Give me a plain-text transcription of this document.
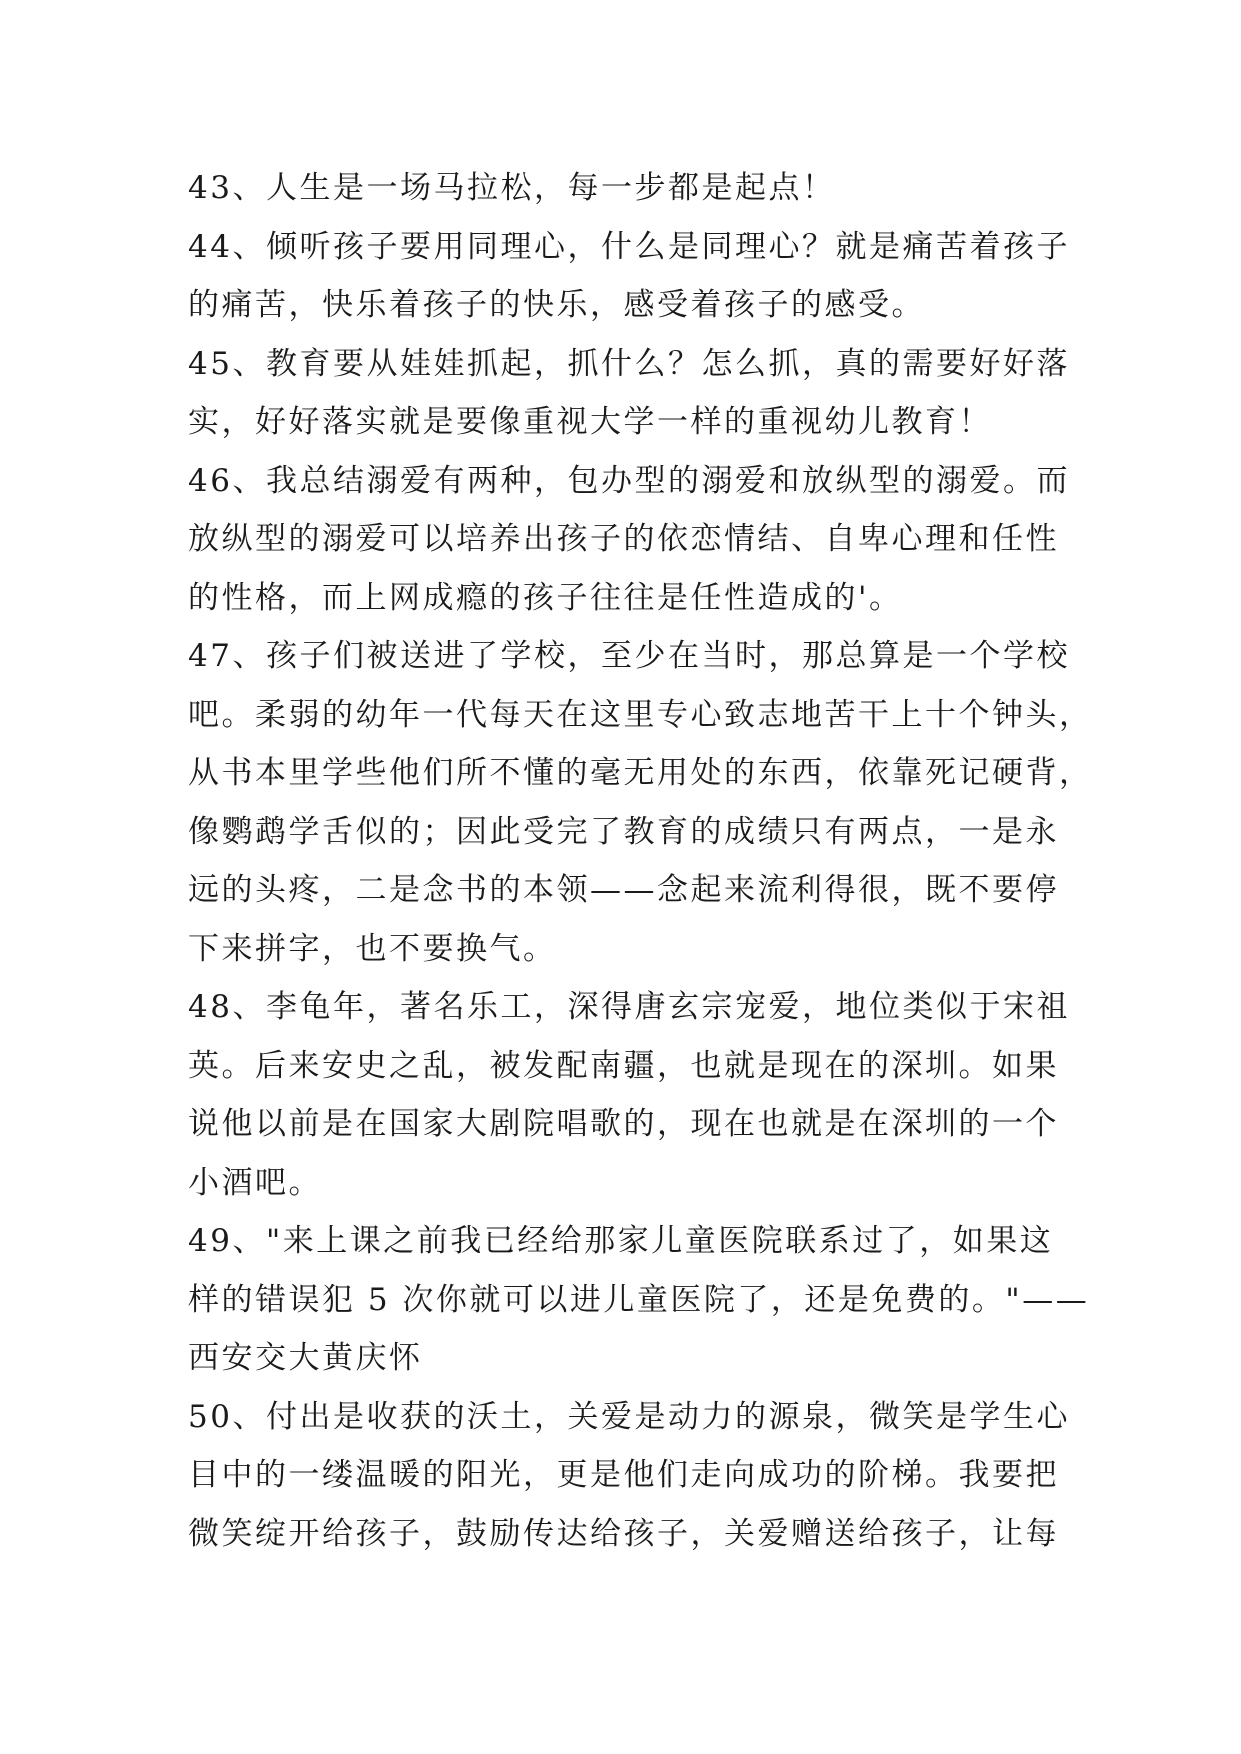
43、人生是一场马拉松，每一步都是起点！
44、倾听孩子要用同理心，什么是同理心？就是痛苦着孩子
的痛苦，快乐着孩子的快乐，感受着孩子的感受。
45、教育要从娃娃抓起，抓什么？怎么抓，真的需要好好落
实，好好落实就是要像重视大学一样的重视幼儿教育！
46、我总结溺爱有两种，包办型的溺爱和放纵型的溺爱。而
放纵型的溺爱可以培养出孩子的依恋情结、自卑心理和任性
的性格，而上网成瘾的孩子往往是任性造成的'。
47、孩子们被送进了学校，至少在当时，那总算是一个学校
吧。柔弱的幼年一代每天在这里专心致志地苦干上十个钟头，
从书本里学些他们所不懂的毫无用处的东西，依靠死记硬背，
像鹦鹉学舌似的；因此受完了教育的成绩只有两点，一是永
远的头疼，二是念书的本领——念起来流利得很，既不要停
下来拼字，也不要换气。
48、李龟年，著名乐工，深得唐玄宗宠爱，地位类似于宋祖
英。后来安史之乱，被发配南疆，也就是现在的深圳。如果
说他以前是在国家大剧院唱歌的，现在也就是在深圳的一个
小酒吧。
49、"来上课之前我已经给那家儿童医院联系过了，如果这
样的错误犯 5 次你就可以进儿童医院了，还是免费的。"——
西安交大黄庆怀
50、付出是收获的沃土，关爱是动力的源泉，微笑是学生心
目中的一缕温暖的阳光，更是他们走向成功的阶梯。我要把
微笑绽开给孩子，鼓励传达给孩子，关爱赠送给孩子，让每
